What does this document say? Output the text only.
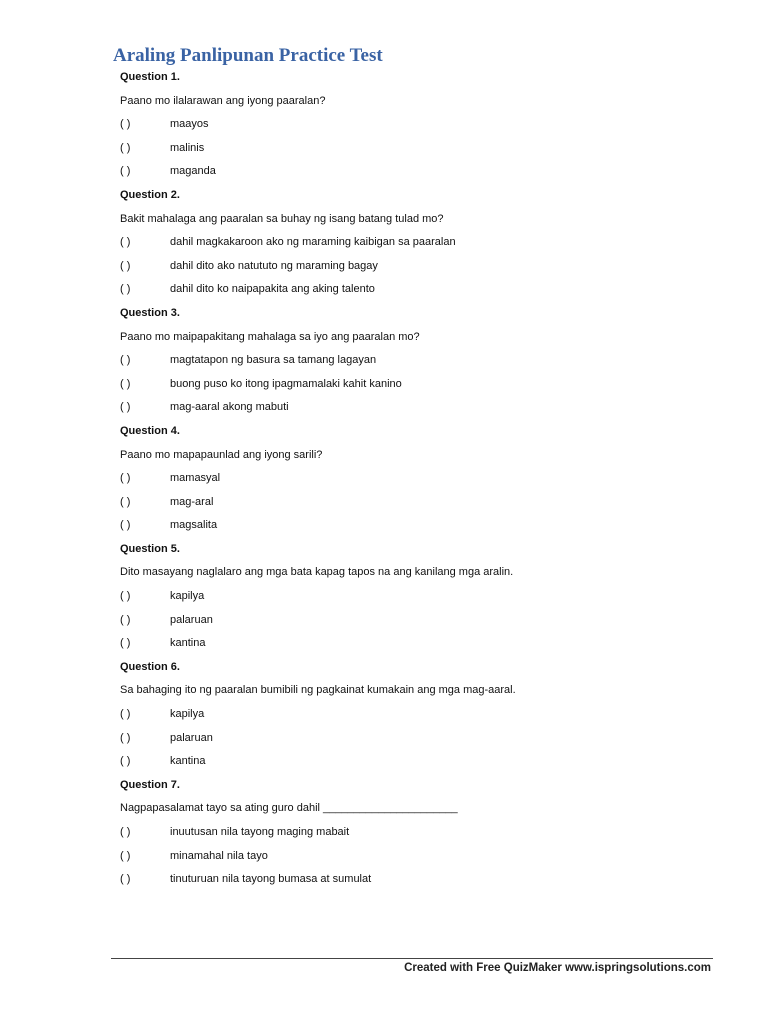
Araling Panlipunan Practice Test
Question 1.
Paano mo ilalarawan ang iyong paaralan?
( )	maayos
( )	malinis
( )	maganda
Question 2.
Bakit mahalaga ang paaralan sa buhay ng isang batang tulad mo?
( )	dahil magkakaroon ako ng maraming kaibigan sa paaralan
( )	dahil dito ako natututo ng maraming bagay
( )	dahil dito ko naipapakita ang aking talento
Question 3.
Paano mo maipapakitang mahalaga sa iyo ang paaralan mo?
( )	magtatapon ng basura sa tamang lagayan
( )	buong puso ko itong ipagmamalaki kahit kanino
( )	mag-aaral akong mabuti
Question 4.
Paano mo mapapaunlad ang iyong sarili?
( )	mamasyal
( )	mag-aral
( )	magsalita
Question 5.
Dito masayang naglalaro ang mga bata kapag tapos na ang kanilang mga aralin.
( )	kapilya
( )	palaruan
( )	kantina
Question 6.
Sa bahaging ito ng paaralan bumibili ng pagkainat kumakain ang mga mag-aaral.
( )	kapilya
( )	palaruan
( )	kantina
Question 7.
Nagpapasalamat tayo sa ating guro dahil ______________________
( )	inuutusan nila tayong maging mabait
( )	minamahal nila tayo
( )	tinuturuan nila tayong bumasa at sumulat
Created with Free QuizMaker www.ispringsolutions.com
